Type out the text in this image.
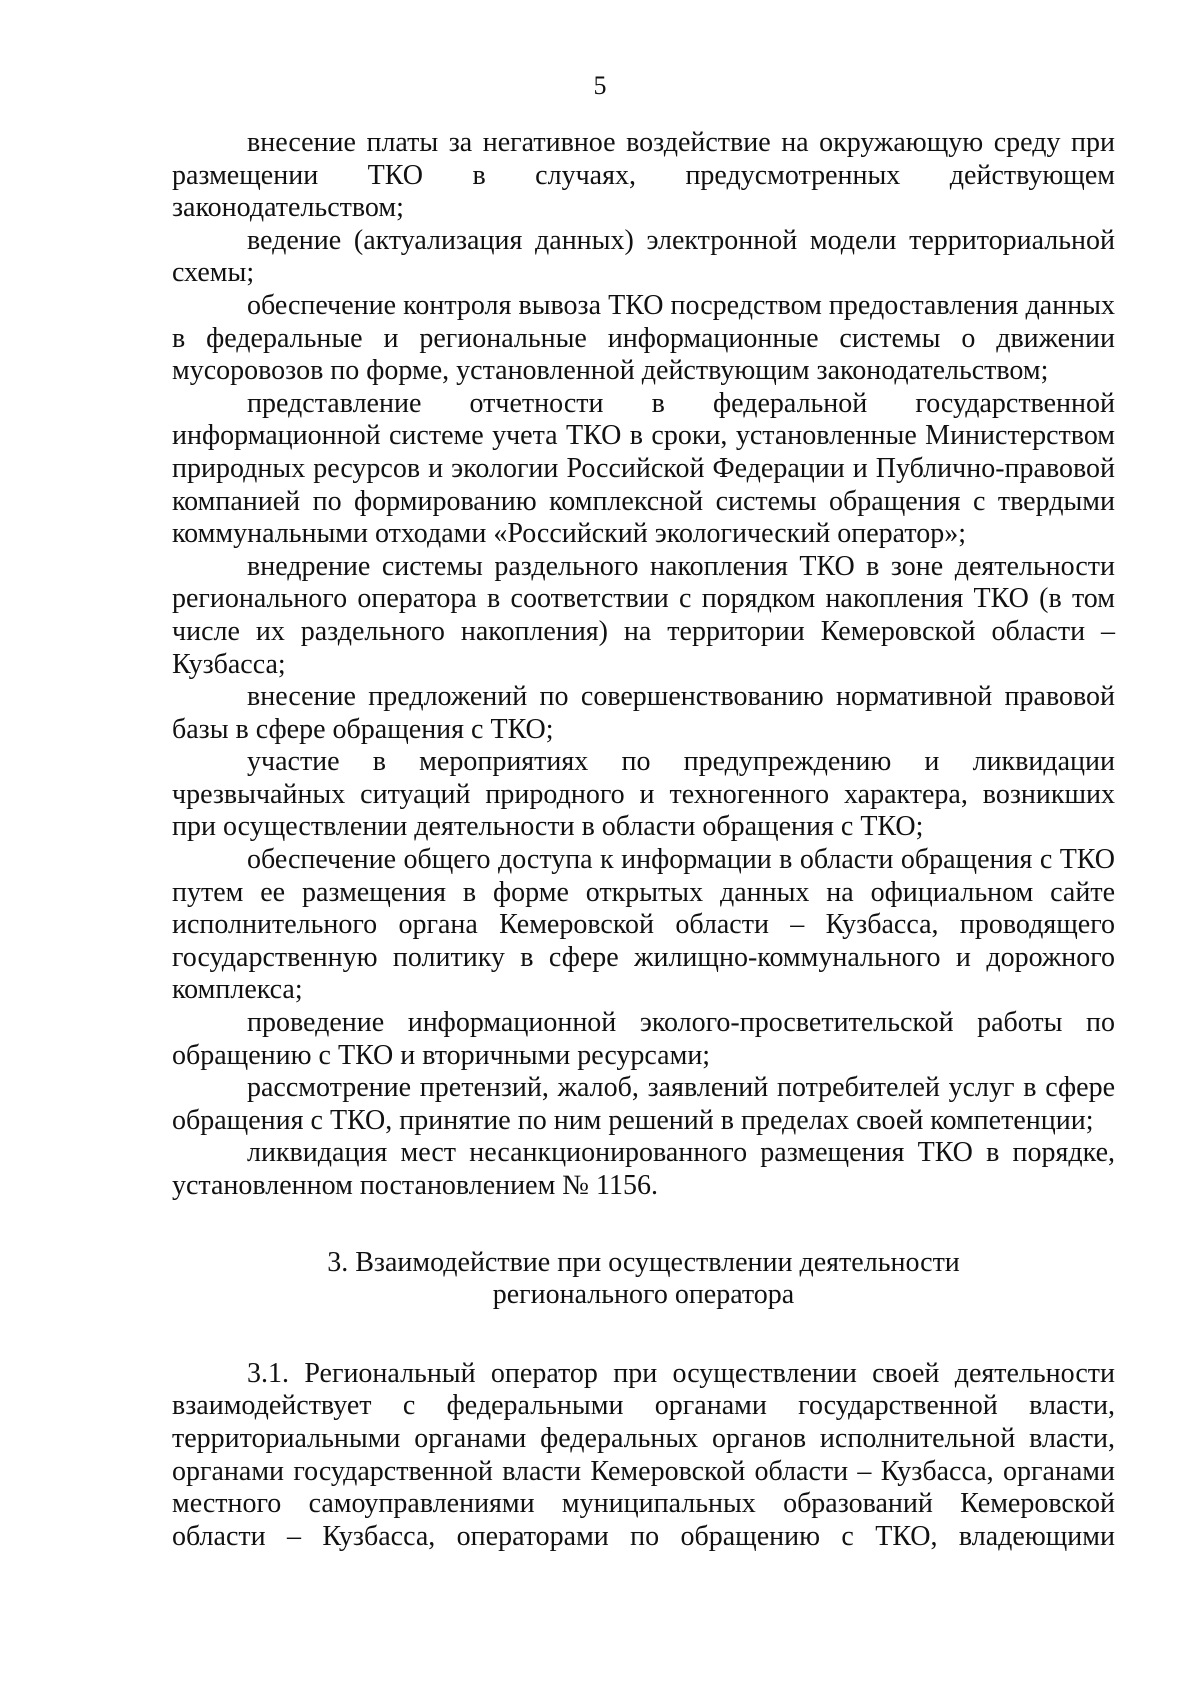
5

внесение платы за негативное воздействие на окружающую среду при размещении ТКО в случаях, предусмотренных действующем законодательством;

ведение (актуализация данных) электронной модели территориальной схемы;

обеспечение контроля вывоза ТКО посредством предоставления данных в федеральные и региональные информационные системы о движении мусоровозов по форме, установленной действующим законодательством;

представление отчетности в федеральной государственной информационной системе учета ТКО в сроки, установленные Министерством природных ресурсов и экологии Российской Федерации и Публично-правовой компанией по формированию комплексной системы обращения с твердыми коммунальными отходами «Российский экологический оператор»;

внедрение системы раздельного накопления ТКО в зоне деятельности регионального оператора в соответствии с порядком накопления ТКО (в том числе их раздельного накопления) на территории Кемеровской области – Кузбасса;

внесение предложений по совершенствованию нормативной правовой базы в сфере обращения с ТКО;

участие в мероприятиях по предупреждению и ликвидации чрезвычайных ситуаций природного и техногенного характера, возникших при осуществлении деятельности в области обращения с ТКО;

обеспечение общего доступа к информации в области обращения с ТКО путем ее размещения в форме открытых данных на официальном сайте исполнительного органа Кемеровской области – Кузбасса, проводящего государственную политику в сфере жилищно-коммунального и дорожного комплекса;

проведение информационной эколого-просветительской работы по обращению с ТКО и вторичными ресурсами;

рассмотрение претензий, жалоб, заявлений потребителей услуг в сфере обращения с ТКО, принятие по ним решений в пределах своей компетенции;

ликвидация мест несанкционированного размещения ТКО в порядке, установленном постановлением № 1156.

3. Взаимодействие при осуществлении деятельности
регионального оператора

3.1. Региональный оператор при осуществлении своей деятельности взаимодействует с федеральными органами государственной власти, территориальными органами федеральных органов исполнительной власти, органами государственной власти Кемеровской области – Кузбасса, органами местного самоуправлениями муниципальных образований Кемеровской области – Кузбасса, операторами по обращению с ТКО, владеющими
